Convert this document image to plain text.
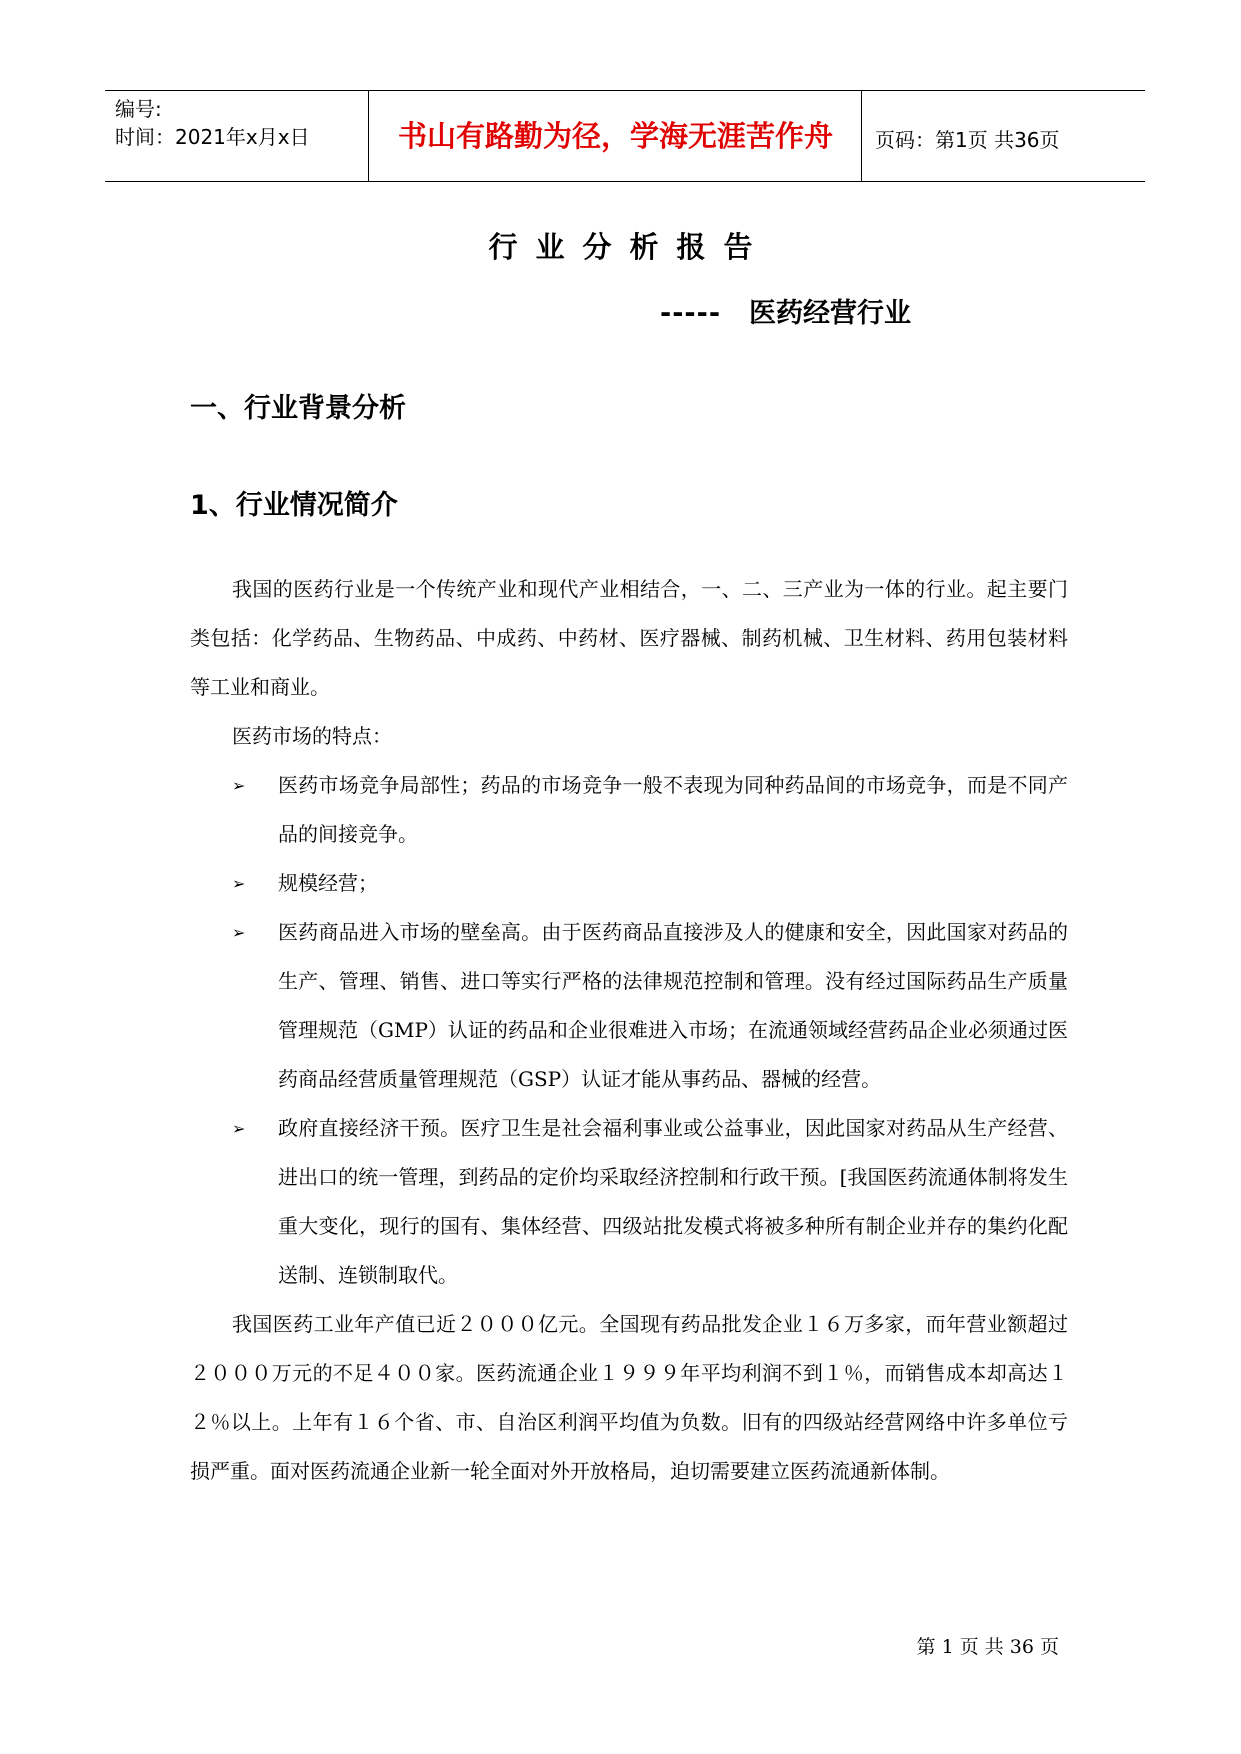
编号:
时间：2021年x月x日	书山有路勤为径，学海无涯苦作舟	页码：第1页 共36页
行业分析报告
----- 医药经营行业
一、行业背景分析
1、行业情况简介

我国的医药行业是一个传统产业和现代产业相结合，一、二、三产业为一体的行业。起主要门类包括：化学药品、生物药品、中成药、中药材、医疗器械、制药机械、卫生材料、药用包装材料等工业和商业。

医药市场的特点：

➢ 医药市场竞争局部性；药品的市场竞争一般不表现为同种药品间的市场竞争，而是不同产品的间接竞争。
➢ 规模经营；
➢ 医药商品进入市场的壁垒高。由于医药商品直接涉及人的健康和安全，因此国家对药品的生产、管理、销售、进口等实行严格的法律规范控制和管理。没有经过国际药品生产质量管理规范（GMP）认证的药品和企业很难进入市场；在流通领域经营药品企业必须通过医药商品经营质量管理规范（GSP）认证才能从事药品、器械的经营。
➢ 政府直接经济干预。医疗卫生是社会福利事业或公益事业，因此国家对药品从生产经营、进出口的统一管理，到药品的定价均采取经济控制和行政干预。[我国医药流通体制将发生重大变化，现行的国有、集体经营、四级站批发模式将被多种所有制企业并存的集约化配送制、连锁制取代。

我国医药工业年产值已近２０００亿元。全国现有药品批发企业１６万多家，而年营业额超过２０００万元的不足４００家。医药流通企业１９９９年平均利润不到１％，而销售成本却高达１２％以上。上年有１６个省、市、自治区利润平均值为负数。旧有的四级站经营网络中许多单位亏损严重。面对医药流通企业新一轮全面对外开放格局，迫切需要建立医药流通新体制。

第 1 页 共 36 页
